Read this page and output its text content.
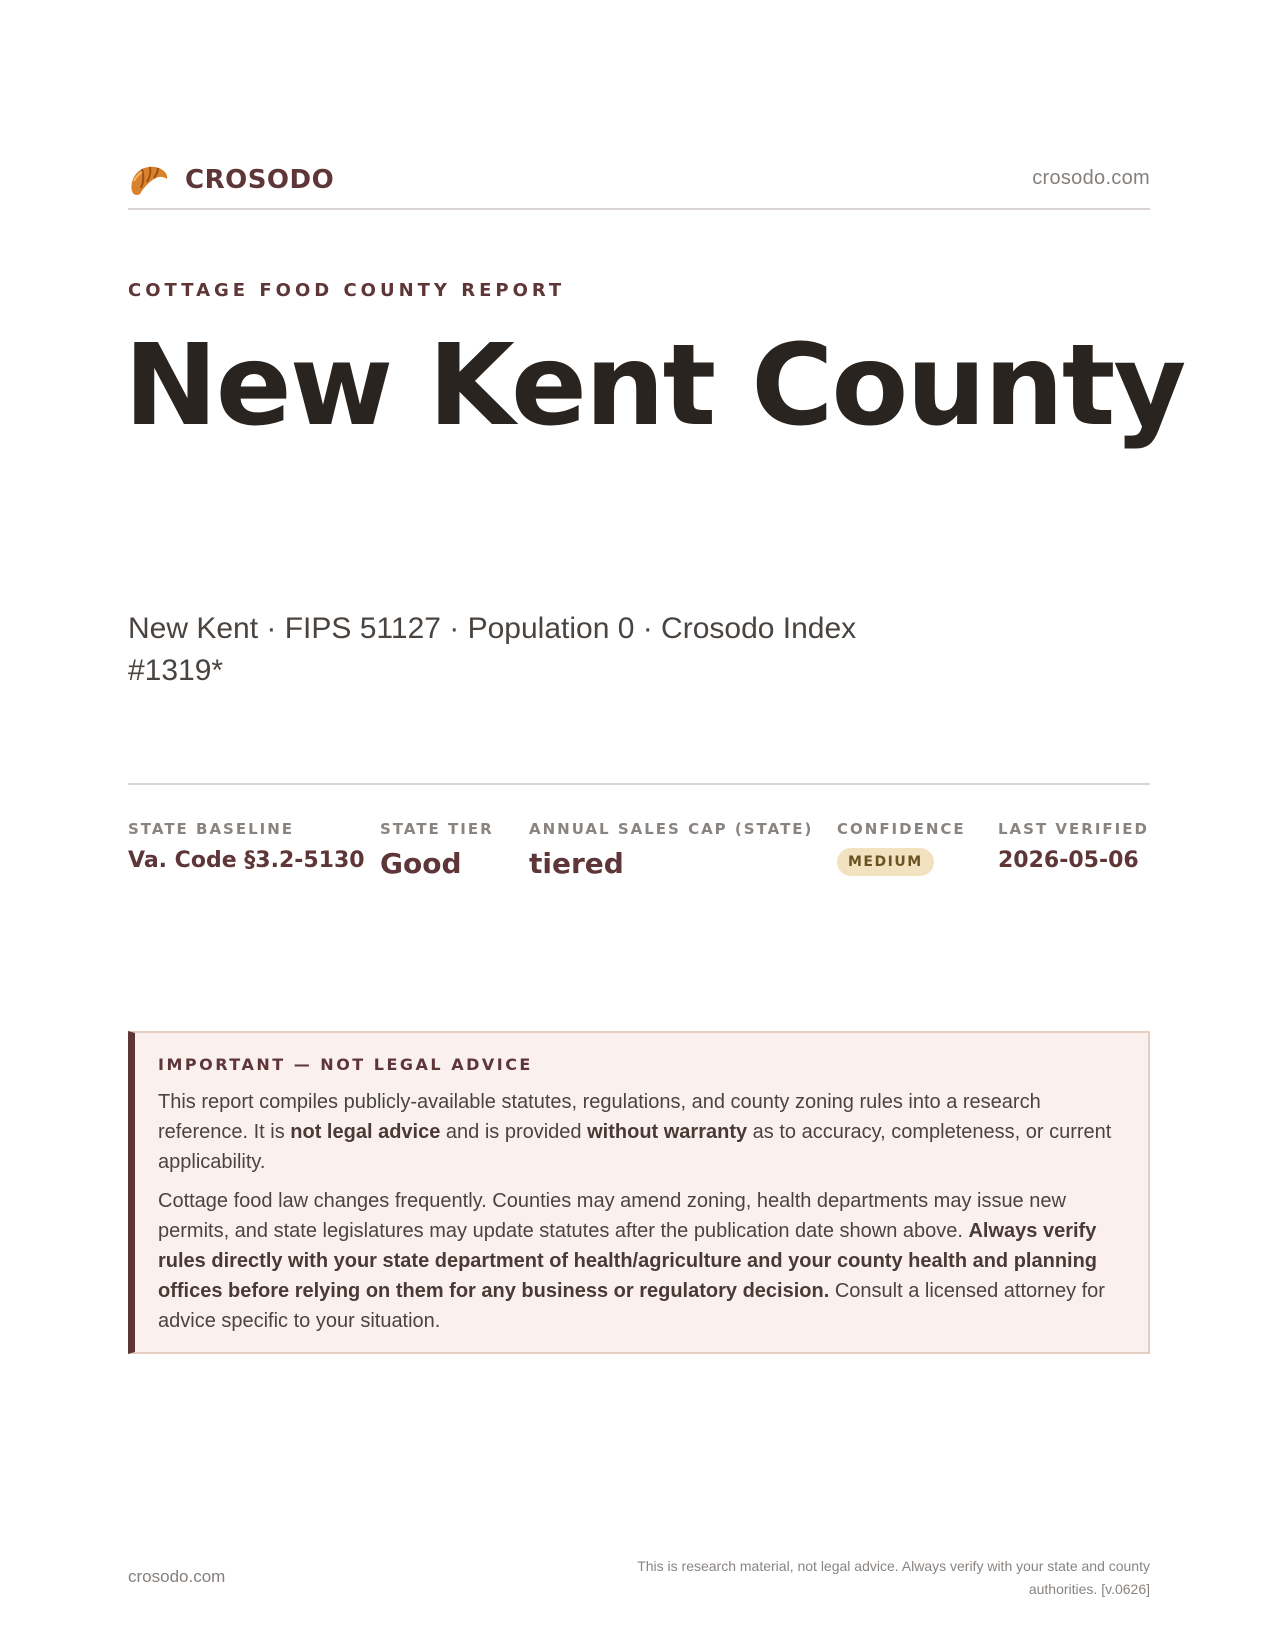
CROSODO	crosodo.com
COTTAGE FOOD COUNTY REPORT
New Kent County
New Kent · FIPS 51127 · Population 0 · Crosodo Index #1319*
STATE BASELINE
Va. Code §3.2-5130
STATE TIER
Good
ANNUAL SALES CAP (STATE)
tiered
CONFIDENCE
MEDIUM
LAST VERIFIED
2026-05-06
IMPORTANT — NOT LEGAL ADVICE

This report compiles publicly-available statutes, regulations, and county zoning rules into a research reference. It is not legal advice and is provided without warranty as to accuracy, completeness, or current applicability.

Cottage food law changes frequently. Counties may amend zoning, health departments may issue new permits, and state legislatures may update statutes after the publication date shown above. Always verify rules directly with your state department of health/agriculture and your county health and planning offices before relying on them for any business or regulatory decision. Consult a licensed attorney for advice specific to your situation.

crosodo.com
This is research material, not legal advice. Always verify with your state and county authorities. [v.0626]
